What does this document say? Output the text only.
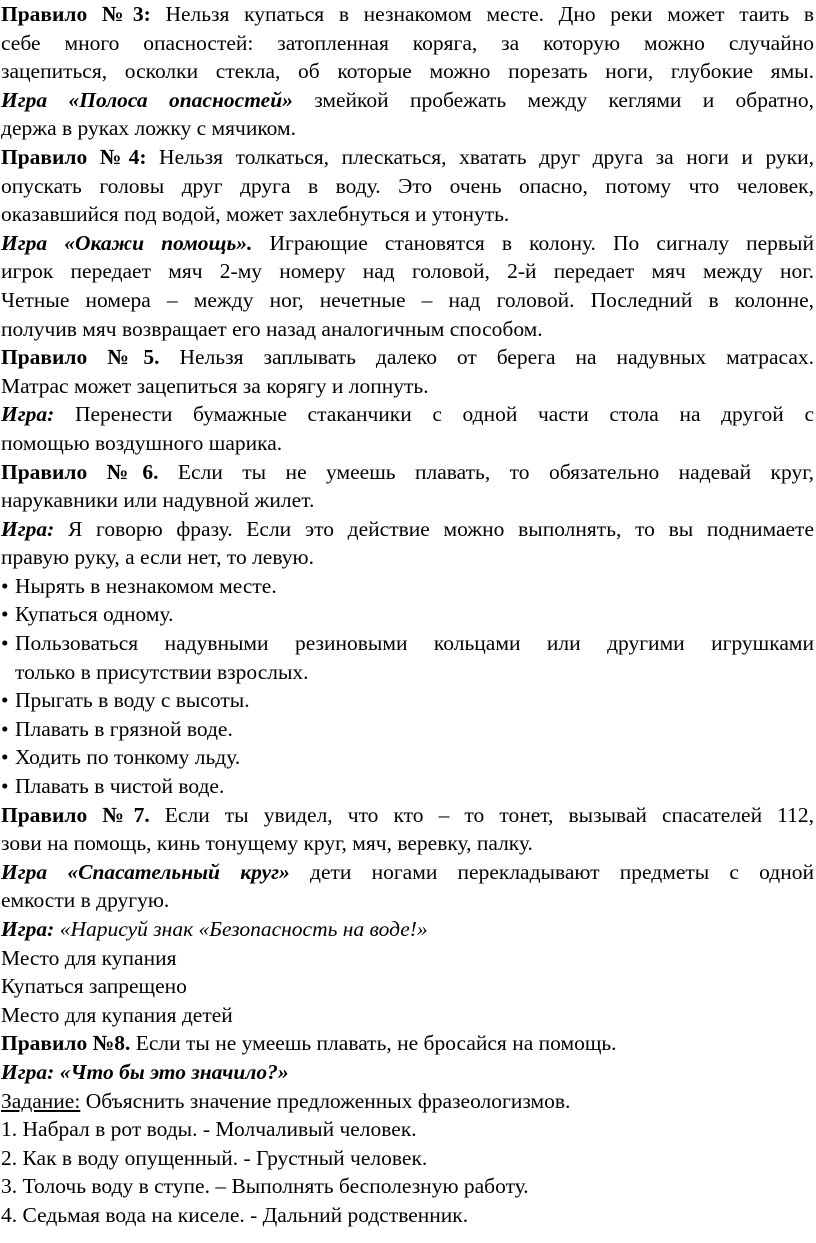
Правило №3: Нельзя купаться в незнакомом месте. Дно реки может таить в
себе много опасностей: затопленная коряга, за которую можно случайно
зацепиться, осколки стекла, об которые можно порезать ноги, глубокие ямы.
Игра «Полоса опасностей» змейкой пробежать между кеглями и обратно,
держа в руках ложку с мячиком.
Правило №4: Нельзя толкаться, плескаться, хватать друг друга за ноги и руки,
опускать головы друг друга в воду. Это очень опасно, потому что человек,
оказавшийся под водой, может захлебнуться и утонуть.
Игра «Окажи помощь». Играющие становятся в колону. По сигналу первый
игрок передает мяч 2-му номеру над головой, 2-й передает мяч между ног.
Четные номера – между ног, нечетные – над головой. Последний в колонне,
получив мяч возвращает его назад аналогичным способом.
Правило №5. Нельзя заплывать далеко от берега на надувных матрасах.
Матрас может зацепиться за корягу и лопнуть.
Игра: Перенести бумажные стаканчики с одной части стола на другой с
помощью воздушного шарика.
Правило №6. Если ты не умеешь плавать, то обязательно надевай круг,
нарукавники или надувной жилет.
Игра: Я говорю фразу. Если это действие можно выполнять, то вы поднимаете
правую руку, а если нет, то левую.
• Нырять в незнакомом месте.
• Купаться одному.
• Пользоваться надувными резиновыми кольцами или другими игрушками
только в присутствии взрослых.
• Прыгать в воду с высоты.
• Плавать в грязной воде.
• Ходить по тонкому льду.
• Плавать в чистой воде.
Правило №7. Если ты увидел, что кто – то тонет, вызывай спасателей 112,
зови на помощь, кинь тонущему круг, мяч, веревку, палку.
Игра «Спасательный круг» дети ногами перекладывают предметы с одной
емкости в другую.
Игра: «Нарисуй знак «Безопасность на воде!»
Место для купания
Купаться запрещено
Место для купания детей
Правило №8. Если ты не умеешь плавать, не бросайся на помощь.
Игра: «Что бы это значило?»
Задание: Объяснить значение предложенных фразеологизмов.
1. Набрал в рот воды. - Молчаливый человек.
2. Как в воду опущенный. - Грустный человек.
3. Толочь воду в ступе. – Выполнять бесполезную работу.
4. Седьмая вода на киселе. - Дальний родственник.
